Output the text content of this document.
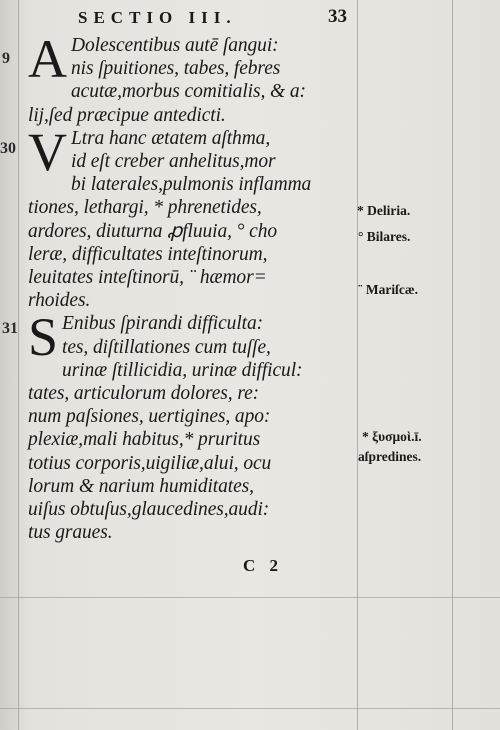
SECTIO III.	33
9
30
31
A Dolescentibus autē ſangui:
nis ſpuitiones, tabes, febres
acutæ,morbus comitialis, & a:
lij,ſed præcipue antedicti.
V Ltra hanc ætatem aſthma,
id eſt creber anhelitus,mor
bi laterales,pulmonis inflamma
tiones, lethargi, * phrenetides,
ardores, diuturna ꝓfluuia, ° cho
leræ, difficultates inteſtinorum,
leuitates inteſtinorū, ¨ hæmor=
rhoides.
S Enibus ſpirandi difficulta:
tes, diſtillationes cum tuſſe,
urinæ ſtillicidia, urinæ difficul:
tates, articulorum dolores, re:
num paſsiones, uertigines, apo:
plexiæ,mali habitus,* pruritus
totius corporis,uigiliæ,alui, ocu
lorum & narium humiditates,
uiſus obtuſus,glaucedines,audi:
tus graues.
* Deliria.
° Bilares.
¨ Mariſcæ.
* ξυσμοὶ.ī.
aſpredines.
C 2
